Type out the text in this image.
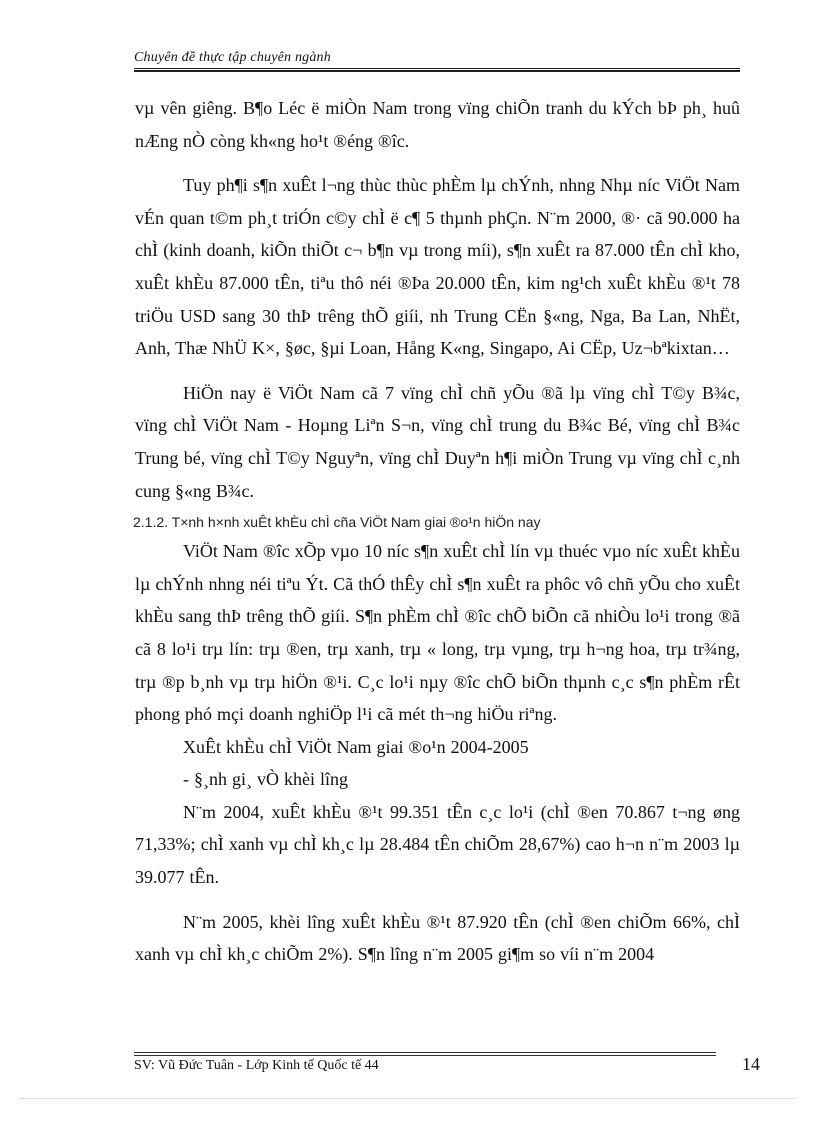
Chuyên đề thực tập chuyên ngành

vµ vên giêng. B¶o Léc ë miÒn Nam trong vïng chiÕn tranh du kÝch bÞ ph¸ huû nÆng nÒ còng kh«ng ho¹t ®éng ®îc.

Tuy ph¶i s¶n xuÊt l¬ng thùc thùc phÈm lµ chÝnh, nhng Nhµ níc ViÖt Nam vÉn quan t©m ph¸t triÓn c©y chÌ ë c¶ 5 thµnh phÇn. N¨m 2000, ®· cã 90.000 ha chÌ (kinh doanh, kiÕn thiÕt c¬ b¶n vµ trong míi), s¶n xuÊt ra 87.000 tÊn chÌ kho, xuÊt khÈu 87.000 tÊn, tiªu thô néi ®Þa 20.000 tÊn, kim ng¹ch xuÊt khÈu ®¹t 78 triÖu USD sang 30 thÞ trêng thÕ giíi, nh Trung CËn §«ng, Nga, Ba Lan, NhËt, Anh, Thæ NhÜ K×, §øc, §µi Loan, Hång K«ng, Singapo, Ai CËp, Uz¬bªkixtan…

HiÖn nay ë ViÖt Nam cã 7 vïng chÌ chñ yÕu ®ã lµ vïng chÌ T©y B¾c, vïng chÌ ViÖt Nam - Hoµng Liªn S¬n, vïng chÌ trung du B¾c Bé, vïng chÌ B¾c Trung bé, vïng chÌ T©y Nguyªn, vïng chÌ Duyªn h¶i miÒn Trung vµ vïng chÌ c¸nh cung §«ng B¾c.

2.1.2. T×nh h×nh xuÊt khÈu chÌ cña ViÖt Nam giai ®o¹n hiÖn nay

ViÖt Nam ®îc xÕp vµo 10 níc s¶n xuÊt chÌ lín vµ thuéc vµo níc xuÊt khÈu lµ chÝnh nhng néi tiªu Ýt. Cã thÓ thÊy chÌ s¶n xuÊt ra phôc vô chñ yÕu cho xuÊt khÈu sang thÞ trêng thÕ giíi. S¶n phÈm chÌ ®îc chÕ biÕn cã nhiÒu lo¹i trong ®ã cã 8 lo¹i trµ lín: trµ ®en, trµ xanh, trµ « long, trµ vµng, trµ h¬ng hoa, trµ tr¾ng, trµ ®p b¸nh vµ trµ hiÖn ®¹i. C¸c lo¹i nµy ®îc chÕ biÕn thµnh c¸c s¶n phÈm rÊt phong phó mçi doanh nghiÖp l¹i cã mét th¬ng hiÖu riªng.

XuÊt khÈu chÌ ViÖt Nam giai ®o¹n 2004-2005

- §¸nh gi¸ vÒ khèi lîng

N¨m 2004, xuÊt khÈu ®¹t 99.351 tÊn c¸c lo¹i (chÌ ®en 70.867 t¬ng øng 71,33%; chÌ xanh vµ chÌ kh¸c lµ 28.484 tÊn chiÕm 28,67%) cao h¬n n¨m 2003 lµ 39.077 tÊn.

N¨m 2005, khèi lîng xuÊt khÈu ®¹t 87.920 tÊn (chÌ ®en chiÕm 66%, chÌ xanh vµ chÌ kh¸c chiÕm 2%). S¶n lîng n¨m 2005 gi¶m so víi n¨m 2004

SV: Vũ Đức Tuân - Lớp Kinh tế Quốc tế 44	14
